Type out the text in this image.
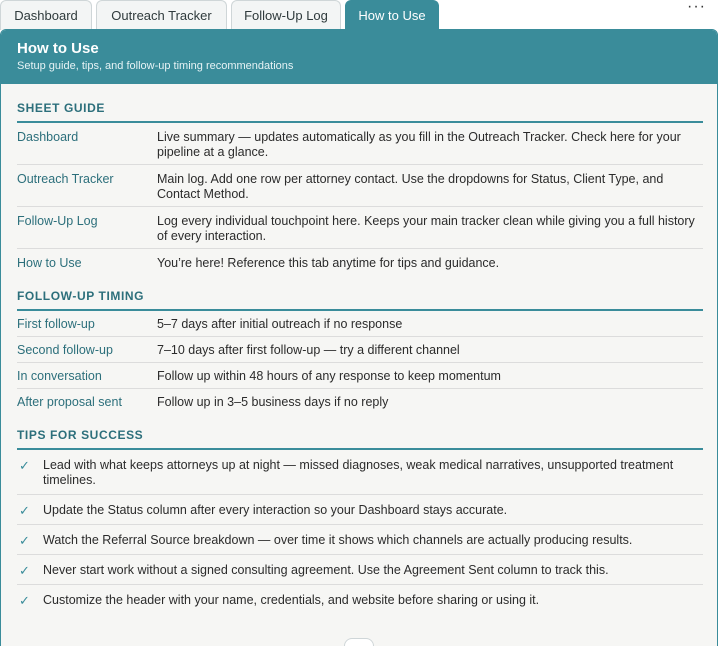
Dashboard	Outreach Tracker	Follow-Up Log	How to Use
···
How to Use
Setup guide, tips, and follow-up timing recommendations
SHEET GUIDE
Dashboard	Live summary — updates automatically as you fill in the Outreach Tracker. Check here for your pipeline at a glance.
Outreach Tracker	Main log. Add one row per attorney contact. Use the dropdowns for Status, Client Type, and Contact Method.
Follow-Up Log	Log every individual touchpoint here. Keeps your main tracker clean while giving you a full history of every interaction.
How to Use	You’re here! Reference this tab anytime for tips and guidance.
FOLLOW-UP TIMING
First follow-up	5–7 days after initial outreach if no response
Second follow-up	7–10 days after first follow-up — try a different channel
In conversation	Follow up within 48 hours of any response to keep momentum
After proposal sent	Follow up in 3–5 business days if no reply
TIPS FOR SUCCESS
✓	Lead with what keeps attorneys up at night — missed diagnoses, weak medical narratives, unsupported treatment timelines.
✓	Update the Status column after every interaction so your Dashboard stays accurate.
✓	Watch the Referral Source breakdown — over time it shows which channels are actually producing results.
✓	Never start work without a signed consulting agreement. Use the Agreement Sent column to track this.
✓	Customize the header with your name, credentials, and website before sharing or using it.
